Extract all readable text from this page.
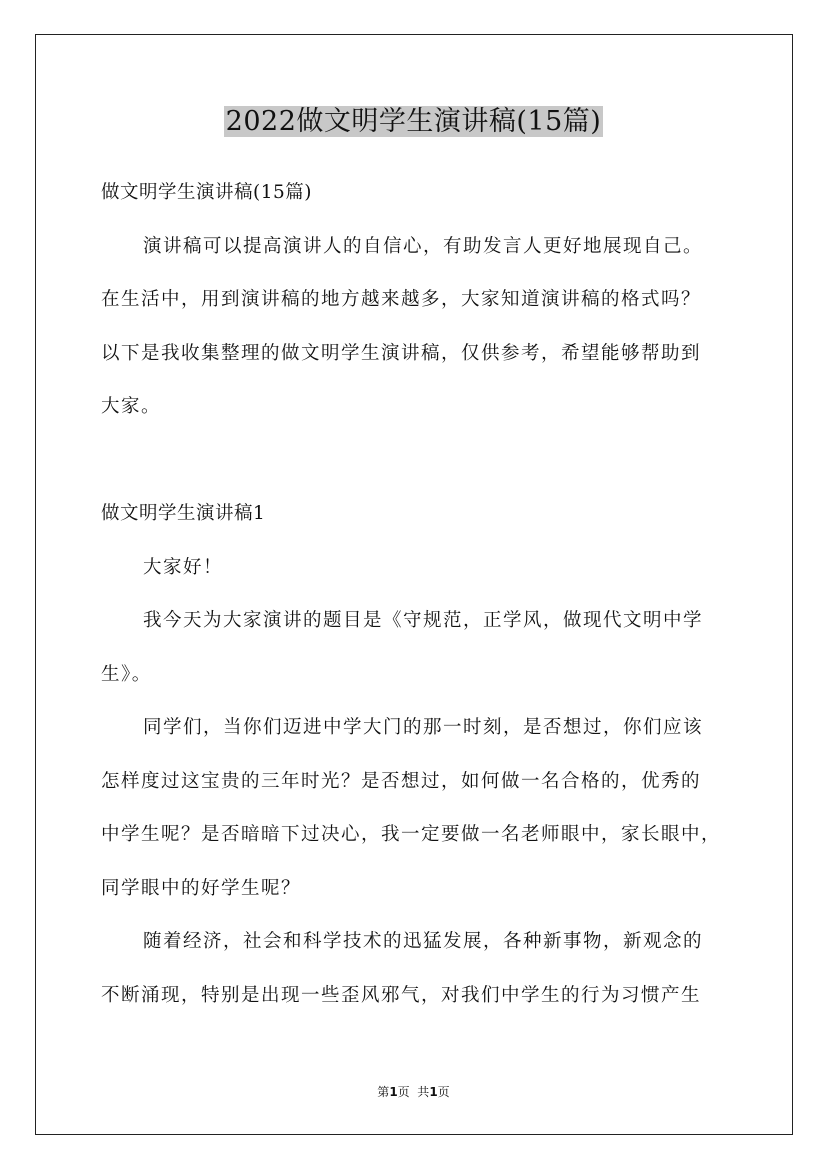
2022做文明学生演讲稿(15篇)
做文明学生演讲稿(15篇)
演讲稿可以提高演讲人的自信心，有助发言人更好地展现自己。
在生活中，用到演讲稿的地方越来越多，大家知道演讲稿的格式吗？
以下是我收集整理的做文明学生演讲稿，仅供参考，希望能够帮助到
大家。
做文明学生演讲稿1
大家好！
我今天为大家演讲的题目是《守规范，正学风，做现代文明中学
生》。
同学们，当你们迈进中学大门的那一时刻，是否想过，你们应该
怎样度过这宝贵的三年时光？是否想过，如何做一名合格的，优秀的
中学生呢？是否暗暗下过决心，我一定要做一名老师眼中，家长眼中，
同学眼中的好学生呢？
随着经济，社会和科学技术的迅猛发展，各种新事物，新观念的
不断涌现，特别是出现一些歪风邪气，对我们中学生的行为习惯产生
第1页  共1页
